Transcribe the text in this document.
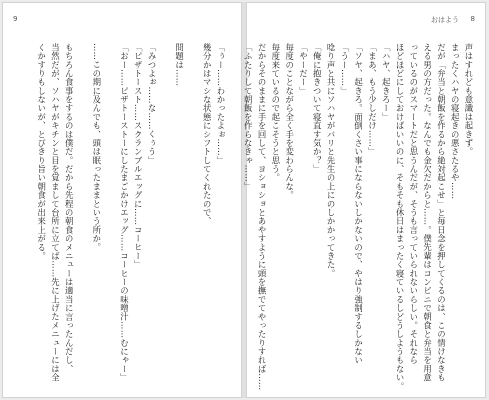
9
「ぅー……わかったよぉ……」
幾分かはマシな状態にシフトしてくれたので、
問題は……
「みつよぉ……な……くぅう」
「ピザトースト……スクランブルエッグに……コーヒー」
「おー……ピザトーストーにしたまごかけエッグ……コーヒーの味噌汁……むにゃー」
……この期に及んでも、頭は眠ったままという所か。
もちろん食事をするのは僕だ。だから先程の朝食のメニューは適当に言ったんだし、
当然だが、ソハヤがキチンと目を覚まして台所に立てば……先に上げたメニューには全
くかすりもしないが、とびきり旨い朝食が出来上がる。
おはよう 8
声はすれども意識は起きず。
まったくハヤの寝起きの悪さたるや……
だが「弁当と朝飯を作るから絶対起こせ」と毎日念を押してくるのは、この情けなきも
える男の方だった。なんでも金欠だからと……。僕先輩はコンビニで朝食と弁当を用意
っているのがスマートだと思うんだが、そうも言っていられないらしい。それなら
ほどほどにしておけばいいのに、そもそも休日はまったく寝ているしどうしようもない。
「ハヤ、起きろー」
「まあ、もう少しだけ……」
「ソヤ、起きろ。面倒くさい事にならないしかないので、やはり強制するしかない
「うー……」
唸り声と共にソハヤがバリと先生の上にのしかかってきた。
「俺に抱きついて寝直す気か？」
「やーだー」
毎度のことながら全く手を変わらんな。
毎度来ているので起こそうと思う。
だからそのままに手を回して、ヨショショとあやすように頭を撫でてやったりすれば……
「ふたりして朝飯を作らなきゃ……」
